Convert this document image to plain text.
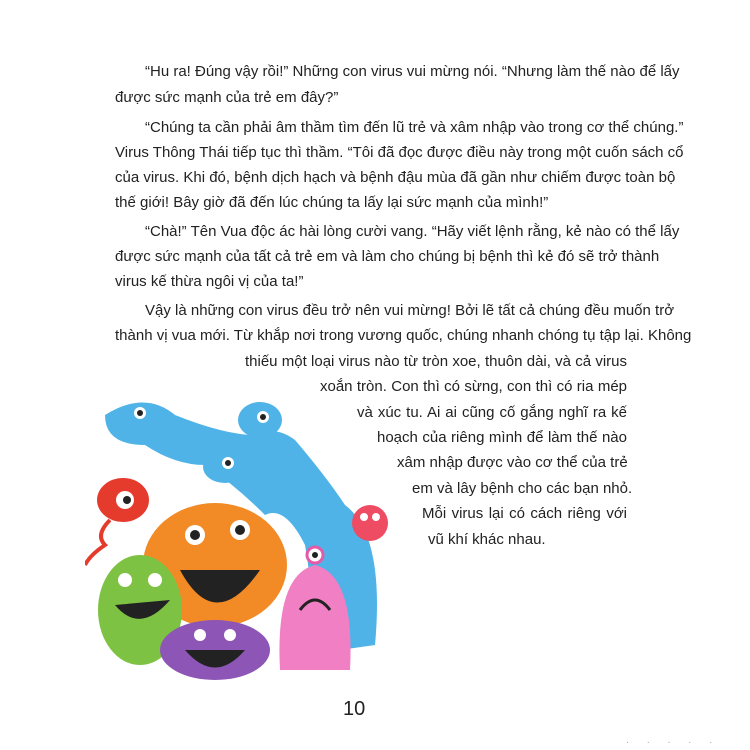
“Hu ra! Đúng vậy rồi!” Những con virus vui mừng nói. “Nhưng làm thế nào để lấy
được sức mạnh của trẻ em đây?”
“Chúng ta cần phải âm thầm tìm đến lũ trẻ và xâm nhập vào trong cơ thể chúng.”
Virus Thông Thái tiếp tục thì thầm. “Tôi đã đọc được điều này trong một cuốn sách cổ
của virus. Khi đó, bệnh dịch hạch và bệnh đậu mùa đã gần như chiếm được toàn bộ
thế giới! Bây giờ đã đến lúc chúng ta lấy lại sức mạnh của mình!”
“Chà!” Tên Vua độc ác hài lòng cười vang. “Hãy viết lệnh rằng, kẻ nào có thể lấy
được sức mạnh của tất cả trẻ em và làm cho chúng bị bệnh thì kẻ đó sẽ trở thành
virus kế thừa ngôi vị của ta!”
Vậy là những con virus đều trở nên vui mừng! Bởi lẽ tất cả chúng đều muốn trở
thành vị vua mới. Từ khắp nơi trong vương quốc, chúng nhanh chóng tụ tập lại. Không
thiếu một loại virus nào từ tròn xoe, thuôn dài, và cả virus
xoắn tròn. Con thì có sừng, con thì có ria mép
và xúc tu. Ai ai cũng cố gắng nghĩ ra kế
hoạch của riêng mình để làm thế nào
xâm nhập được vào cơ thể của trẻ
em và lây bệnh cho các bạn nhỏ.
Mỗi virus lại có cách riêng với
vũ khí khác nhau.
10
.....
